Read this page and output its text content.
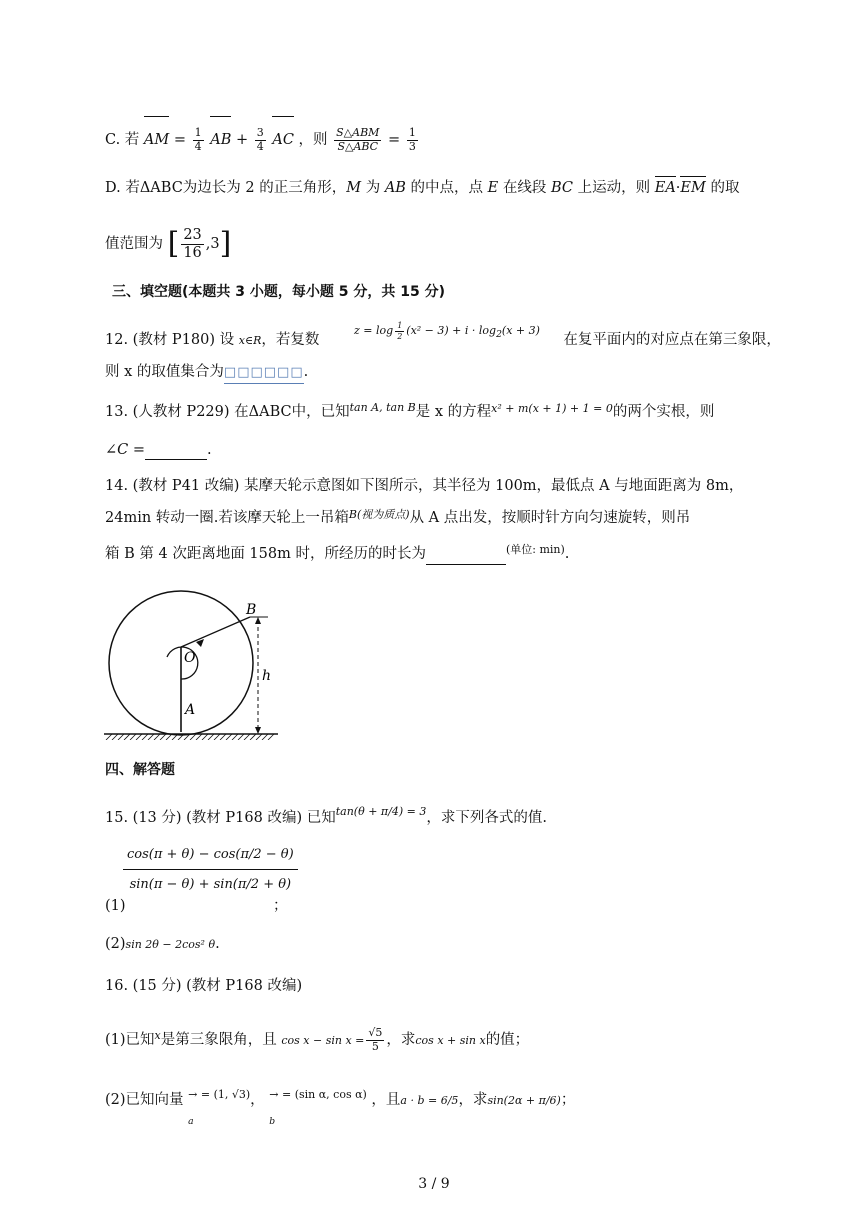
C. 若 AM = $\frac{1}{4}$ AB + $\frac{3}{4}$ AC ，则 $\frac{\text{S△ABM}}{\text{S△ABC}} = \frac{1}{3}$
D. 若ΔABC为边长为 2 的正三角形，M 为 AB 的中点，点 E 在线段 BC 上运动，则 EA·EM 的取
值范围为 [ $\frac{23}{16} ,3$]
三、填空题(本题共 3 小题，每小题 5 分，共 15 分)
12. (教材 P180) 设 x∈R，若复数 $^{z = log \frac{1}{2} (x^2 - 3) + i \cdot log_2(x + 3)}$ 在复平面内的对应点在第三象限，
则 x 的取值集合为□□□□□□.
13. (人教材 P229) 在ΔABC中，已知$^{tan A, tan B}$是 x 的方程$^{x^2 + m(x + 1) + 1 = 0}$的两个实根，则
∠C =	.
14. (教材 P41 改编) 某摩天轮示意图如下图所示，其半径为 100m，最低点 A 与地面距离为 8m，
24min 转动一圈.若该摩天轮上一吊箱$^{B(视为质点)}$从 A 点出发，按顺时针方向匀速旋转，则吊
箱 B 第 4 次距离地面 158m 时，所经历的时长为	$^{(单位: min)}$.
O
A
B
h
四、解答题
15. (13 分) (教材 P168 改编) 已知$^{tan(\theta + \pi/4) = 3}$，求下列各式的值.
(1)
$\frac{\cos(\pi + \theta) - \cos(\pi/2 - \theta)}{\sin(\pi - \theta) + \sin(\pi/2 + \theta)}$
；
(2)sin 2θ − 2cos² θ.
16. (15 分) (教材 P168 改编)
(1)已知$^x$是第三象限角，且 $\cos x - \sin x = \frac{√5}{5}$ ，求cos x + sin x的值；
(2)已知向量 $^{\to = (1, √3) a}$
， $^{\to = (sin \alpha, cos \alpha) b}$
，且a · b = 6/5，求sin(2α + π/6)；
3 / 9
